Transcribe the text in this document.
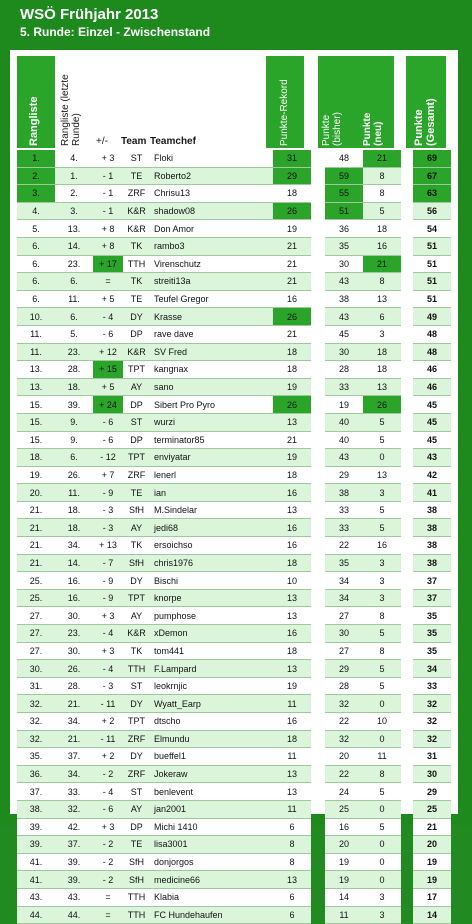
WSÖ Frühjahr 2013
5. Runde: Einzel - Zwischenstand
Rangliste Rangliste (letzte Runde)	Punkte-Rekord	Punkte (bisher) Punkte (neu)	Punkte (Gesamt)
+/- Team Teamchef
1.	4.	+ 3	ST	Floki	31		48	21		69
2.	1.	- 1	TE	Roberto2	29		59	8		67
3.	2.	- 1	ZRF	Chrisu13	18		55	8		63
4.	3.	- 1	K&R	shadow08	26		51	5		56
5.	13.	+ 8	K&R	Don Amor	19		36	18		54
6.	14.	+ 8	TK	rambo3	21		35	16		51
6.	23.	+ 17	TTH	Virenschutz	21		30	21		51
6.	6.	=	TK	streiti13a	21		43	8		51
6.	11.	+ 5	TE	Teufel Gregor	16		38	13		51
10.	6.	- 4	DY	Krasse	26		43	6		49
11.	5.	- 6	DP	rave dave	21		45	3		48
11.	23.	+ 12	K&R	SV Fred	18		30	18		48
13.	28.	+ 15	TPT	kangnax	18		28	18		46
13.	18.	+ 5	AY	sano	19		33	13		46
15.	39.	+ 24	DP	Sibert Pro Pyro	26		19	26		45
15.	9.	- 6	ST	wurzi	13		40	5		45
15.	9.	- 6	DP	terminator85	21		40	5		45
18.	6.	- 12	TPT	enviyatar	19		43	0		43
19.	26.	+ 7	ZRF	lenerl	18		29	13		42
20.	11.	- 9	TE	ian	16		38	3		41
21.	18.	- 3	SfH	M.Sindelar	13		33	5		38
21.	18.	- 3	AY	jedi68	16		33	5		38
21.	34.	+ 13	TK	ersoichso	16		22	16		38
21.	14.	- 7	SfH	chris1976	18		35	3		38
25.	16.	- 9	DY	Bischi	10		34	3		37
25.	16.	- 9	TPT	knorpe	13		34	3		37
27.	30.	+ 3	AY	pumphose	13		27	8		35
27.	23.	- 4	K&R	xDemon	16		30	5		35
27.	30.	+ 3	TK	tom441	18		27	8		35
30.	26.	- 4	TTH	F.Lampard	13		29	5		34
31.	28.	- 3	ST	leokrnjic	19		28	5		33
32.	21.	- 11	DY	Wyatt_Earp	11		32	0		32
32.	34.	+ 2	TPT	dtscho	16		22	10		32
32.	21.	- 11	ZRF	Elmundu	18		32	0		32
35.	37.	+ 2	DY	bueffel1	11		20	11		31
36.	34.	- 2	ZRF	Jokeraw	13		22	8		30
37.	33.	- 4	ST	benlevent	13		24	5		29
38.	32.	- 6	AY	jan2001	11		25	0		25
39.	42.	+ 3	DP	Michi 1410	6		16	5		21
39.	37.	- 2	TE	lisa3001	8		20	0		20
41.	39.	- 2	SfH	donjorgos	8		19	0		19
41.	39.	- 2	SfH	medicine66	13		19	0		19
43.	43.	=	TTH	Klabia	6		14	3		17
44.	44.	=	TTH	FC Hundehaufen	6		11	3		14
